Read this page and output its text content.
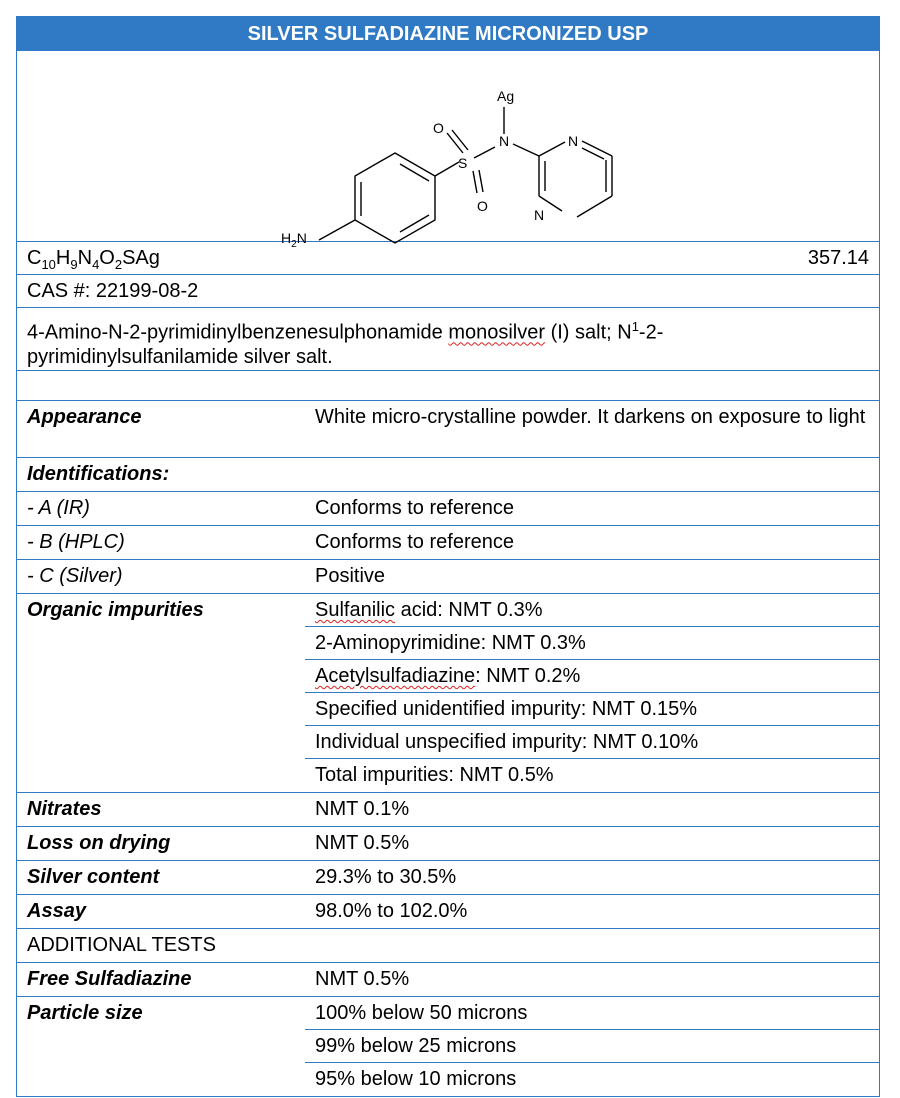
SILVER SULFADIAZINE MICRONIZED USP
Ag
N
O
S
O
N
N
$H_2N$
$C_{10}H_9N_4O_2SAg$	357.14
CAS #: 22199-08-2
4-Amino-N-2-pyrimidinylbenzenesulphonamide monosilver (I) salt; $N^1-2$-pyrimidinylsulfanilamide silver salt.
Appearance	White micro-crystalline powder. It darkens on exposure to light
Identifications:
- A (IR)	Conforms to reference
- B (HPLC)	Conforms to reference
- C (Silver)	Positive
Organic impurities	Sulfanilic acid: NMT 0.3%
2-Aminopyrimidine: NMT 0.3%
Acetylsulfadiazine: NMT 0.2%
Specified unidentified impurity: NMT 0.15%
Individual unspecified impurity: NMT 0.10%
Total impurities: NMT 0.5%
Nitrates	NMT 0.1%
Loss on drying	NMT 0.5%
Silver content	29.3% to 30.5%
Assay	98.0% to 102.0%
ADDITIONAL TESTS
Free Sulfadiazine	NMT 0.5%
Particle size	100% below 50 microns
99% below 25 microns
95% below 10 microns
